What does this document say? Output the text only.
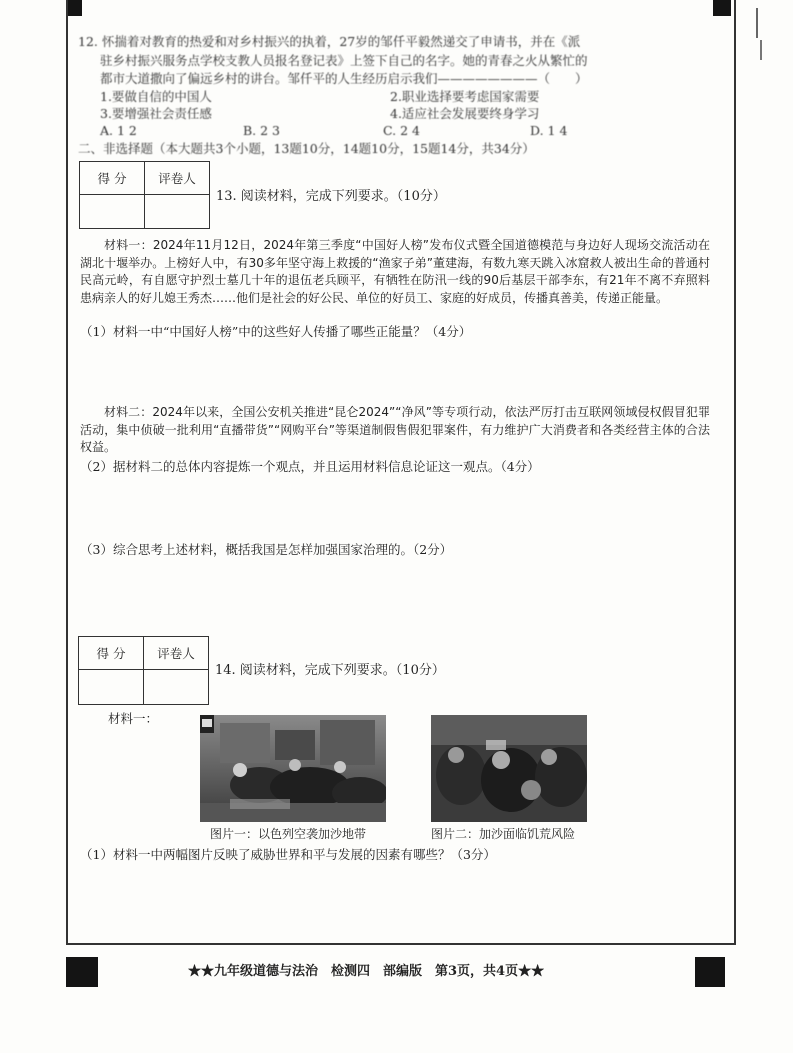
12. 怀揣着对教育的热爱和对乡村振兴的执着，27岁的邹仟平毅然递交了申请书，并在《派
驻乡村振兴服务点学校支教人员报名登记表》上签下自己的名字。她的青春之火从繁忙的
都市大道撒向了偏远乡村的讲台。邹仟平的人生经历启示我们————————（　　）
1.要做自信的中国人	2.职业选择要考虑国家需要
3.要增强社会责任感	4.适应社会发展要终身学习
A. 1 2	B. 2 3	C. 2 4	D. 1 4
二、非选择题（本大题共3个小题，13题10分，14题10分，15题14分，共34分）
得 分	评卷人

13. 阅读材料，完成下列要求。（10分）
材料一：2024年11月12日，2024年第三季度“中国好人榜”发布仪式暨全国道德模范与身边好人现场交流活动在湖北十堰举办。上榜好人中，有30多年坚守海上救援的“渔家子弟”董建海，有数九寒天跳入冰窟救人被出生命的普通村民高元岭，有自愿守护烈士墓几十年的退伍老兵顾平，有牺牲在防汛一线的90后基层干部李东，有21年不离不弃照料患病亲人的好儿媳王秀杰……他们是社会的好公民、单位的好员工、家庭的好成员，传播真善美，传递正能量。
（1）材料一中“中国好人榜”中的这些好人传播了哪些正能量？（4分）
材料二：2024年以来，全国公安机关推进“昆仑2024”“净风”等专项行动，依法严厉打击互联网领域侵权假冒犯罪活动，集中侦破一批利用“直播带货”“网购平台”等渠道制假售假犯罪案件，有力维护广大消费者和各类经营主体的合法权益。
（2）据材料二的总体内容提炼一个观点，并且运用材料信息论证这一观点。（4分）
（3）综合思考上述材料，概括我国是怎样加强国家治理的。（2分）
得 分	评卷人

14. 阅读材料，完成下列要求。（10分）
材料一：
图片一：以色列空袭加沙地带	图片二：加沙面临饥荒风险
（1）材料一中两幅图片反映了威胁世界和平与发展的因素有哪些？（3分）
★★九年级道德与法治　检测四　部编版　第3页，共4页★★
